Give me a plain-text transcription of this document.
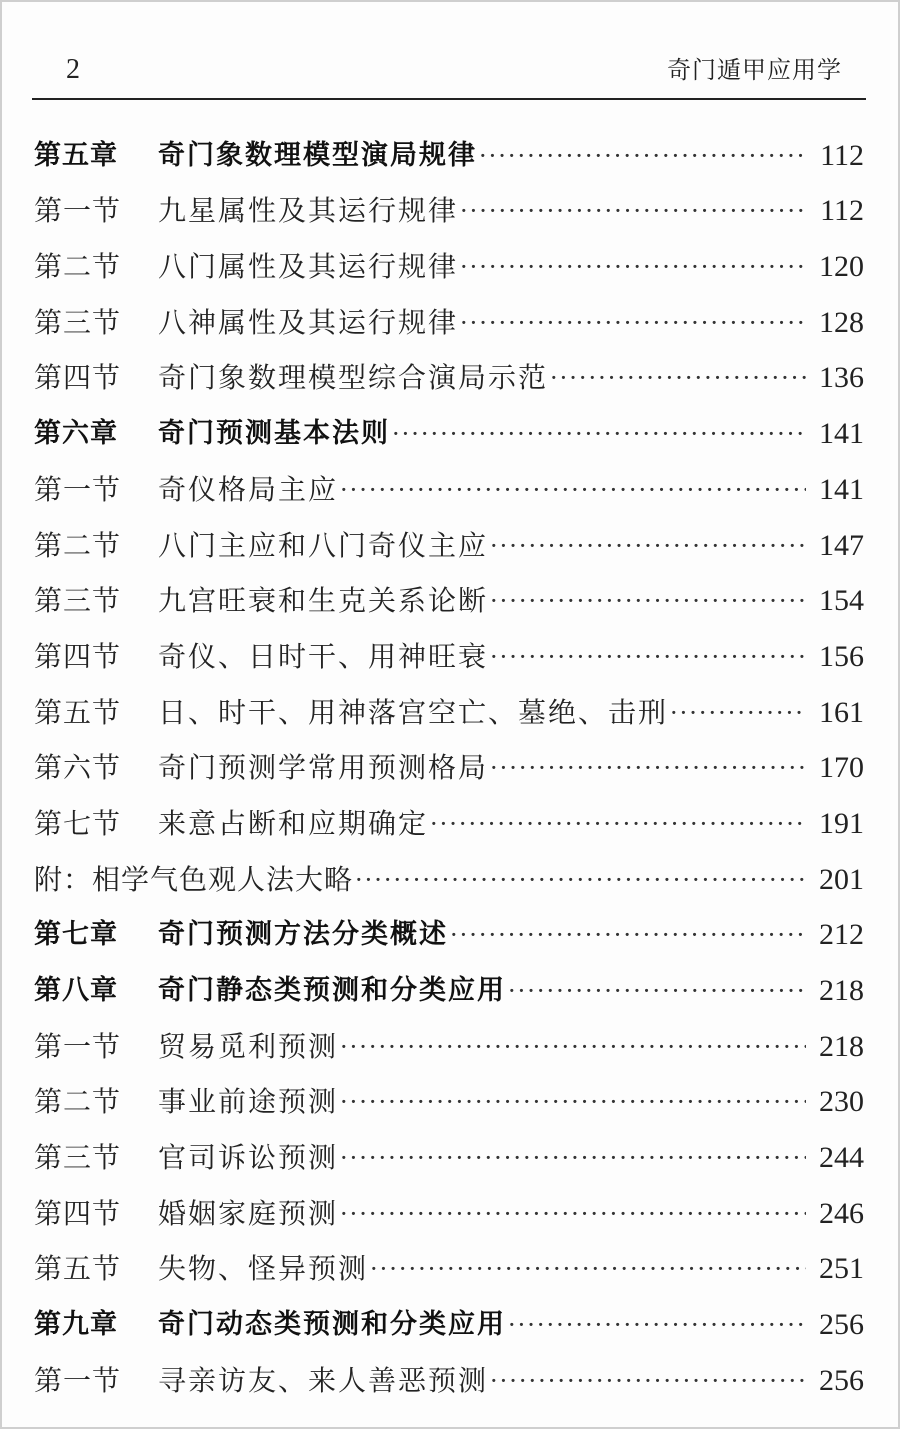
2	奇门遁甲应用学
第五章	奇门象数理模型演局规律 ·····	112
第一节	九星属性及其运行规律 ·····	112
第二节	八门属性及其运行规律 ·····	120
第三节	八神属性及其运行规律 ·····	128
第四节	奇门象数理模型综合演局示范 ·····	136
第六章	奇门预测基本法则 ·····	141
第一节	奇仪格局主应 ·····	141
第二节	八门主应和八门奇仪主应 ·····	147
第三节	九宫旺衰和生克关系论断 ·····	154
第四节	奇仪、日时干、用神旺衰 ·····	156
第五节	日、时干、用神落宫空亡、墓绝、击刑 ·····	161
第六节	奇门预测学常用预测格局 ·····	170
第七节	来意占断和应期确定 ·····	191
附：相学气色观人法大略 ·····	201
第七章	奇门预测方法分类概述 ·····	212
第八章	奇门静态类预测和分类应用 ·····	218
第一节	贸易觅利预测 ·····	218
第二节	事业前途预测 ·····	230
第三节	官司诉讼预测 ·····	244
第四节	婚姻家庭预测 ·····	246
第五节	失物、怪异预测 ·····	251
第九章	奇门动态类预测和分类应用 ·····	256
第一节	寻亲访友、来人善恶预测 ·····	256
